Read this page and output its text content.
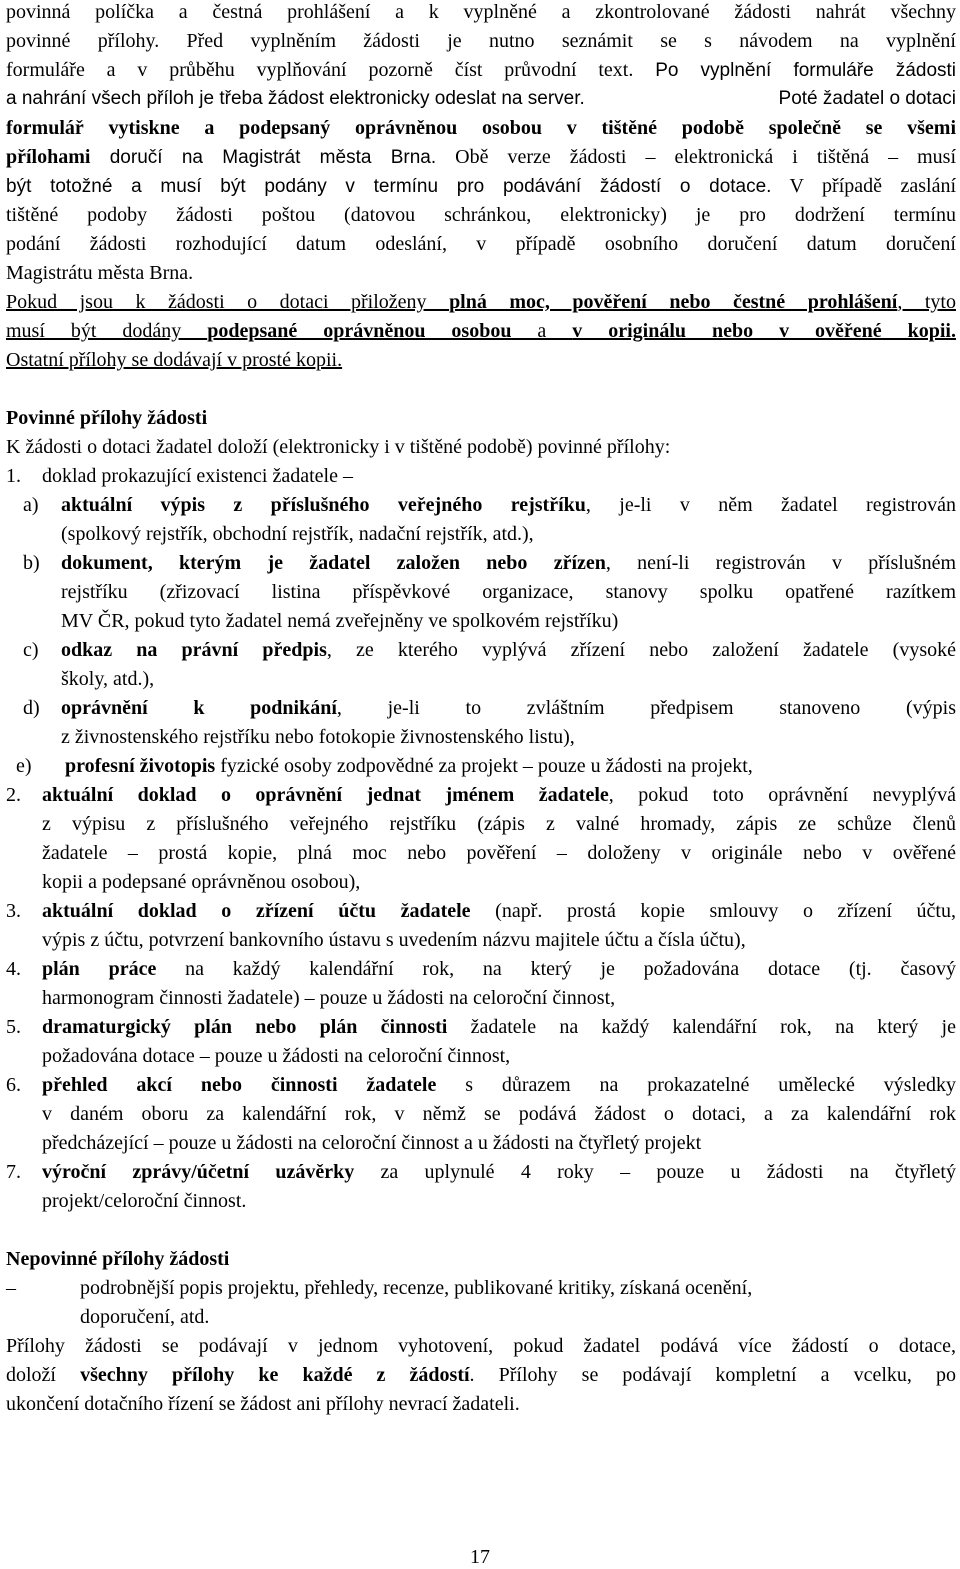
povinná políčka a čestná prohlášení a k vyplněné a zkontrolované žádosti nahrát všechny
povinné přílohy. Před vyplněním žádosti je nutno seznámit se s návodem na vyplnění
formuláře a v průběhu vyplňování pozorně číst průvodní text. Po vyplnění formuláře žádosti
a nahrání všech příloh je třeba žádost elektronicky odeslat na server.	Poté žadatel o dotaci
formulář vytiskne a podepsaný oprávněnou osobou v tištěné podobě společně se všemi
přílohami doručí na Magistrát města Brna. Obě verze žádosti – elektronická i tištěná – musí
být totožné a musí být podány v termínu pro podávání žádostí o dotace. V případě zaslání
tištěné podoby žádosti poštou (datovou schránkou, elektronicky) je pro dodržení termínu
podání žádosti rozhodující datum odeslání, v případě osobního doručení datum doručení
Magistrátu města Brna.
Pokud jsou k žádosti o dotaci přiloženy plná moc, pověření nebo čestné prohlášení, tyto
musí být dodány podepsané oprávněnou osobou a v originálu nebo v ověřené kopii.
Ostatní přílohy se dodávají v prosté kopii.
Povinné přílohy žádosti
K žádosti o dotaci žadatel doloží (elektronicky i v tištěné podobě) povinné přílohy:
1. doklad prokazující existenci žadatele –
a) aktuální výpis z příslušného veřejného rejstříku, je-li v něm žadatel registrován
(spolkový rejstřík, obchodní rejstřík, nadační rejstřík, atd.),
b) dokument, kterým je žadatel založen nebo zřízen, není-li registrován v příslušném
rejstříku (zřizovací listina příspěvkové organizace, stanovy spolku opatřené razítkem
MV ČR, pokud tyto žadatel nemá zveřejněny ve spolkovém rejstříku)
c) odkaz na právní předpis, ze kterého vyplývá zřízení nebo založení žadatele (vysoké
školy, atd.),
d) oprávnění k podnikání, je-li to zvláštním předpisem stanoveno (výpis
z živnostenského rejstříku nebo fotokopie živnostenského listu),
e) profesní životopis fyzické osoby zodpovědné za projekt – pouze u žádosti na projekt,
2. aktuální doklad o oprávnění jednat jménem žadatele, pokud toto oprávnění nevyplývá
z výpisu z příslušného veřejného rejstříku (zápis z valné hromady, zápis ze schůze členů
žadatele – prostá kopie, plná moc nebo pověření – doloženy v originále nebo v ověřené
kopii a podepsané oprávněnou osobou),
3. aktuální doklad o zřízení účtu žadatele (např. prostá kopie smlouvy o zřízení účtu,
výpis z účtu, potvrzení bankovního ústavu s uvedením názvu majitele účtu a čísla účtu),
4. plán práce na každý kalendářní rok, na který je požadována dotace (tj. časový
harmonogram činnosti žadatele) – pouze u žádosti na celoroční činnost,
5. dramaturgický plán nebo plán činnosti žadatele na každý kalendářní rok, na který je
požadována dotace – pouze u žádosti na celoroční činnost,
6. přehled akcí nebo činnosti žadatele s důrazem na prokazatelné umělecké výsledky
v daném oboru za kalendářní rok, v němž se podává žádost o dotaci, a za kalendářní rok
předcházející – pouze u žádosti na celoroční činnost a u žádosti na čtyřletý projekt
7. výroční zprávy/účetní uzávěrky za uplynulé 4 roky – pouze u žádosti na čtyřletý
projekt/celoroční činnost.
Nepovinné přílohy žádosti
–	podrobnější popis projektu, přehledy, recenze, publikované kritiky, získaná ocenění,
doporučení, atd.
Přílohy žádosti se podávají v jednom vyhotovení, pokud žadatel podává více žádostí o dotace,
doloží všechny přílohy ke každé z žádostí. Přílohy se podávají kompletní a vcelku, po
ukončení dotačního řízení se žádost ani přílohy nevrací žadateli.
17
